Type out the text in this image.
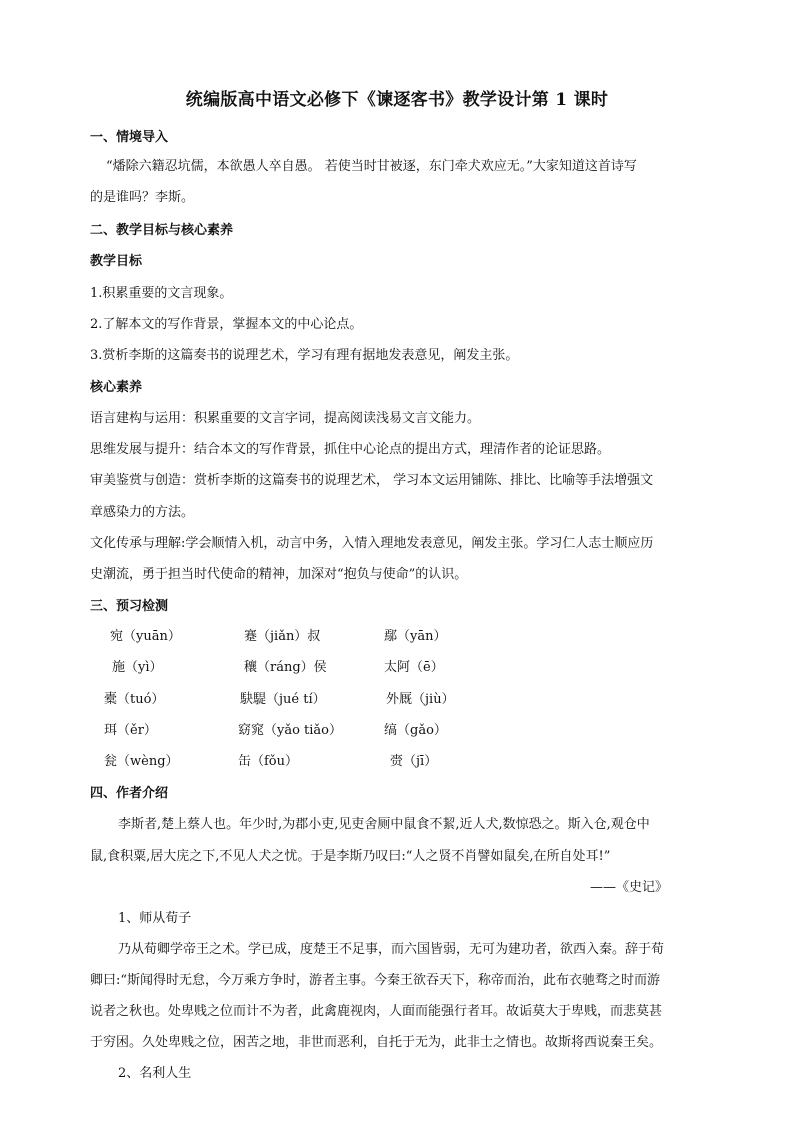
统编版高中语文必修下《谏逐客书》教学设计第 1 课时
一、情境导入
“燔除六籍忍坑儒，本欲愚人卒自愚。 若使当时甘被逐，东门牵犬欢应无。”大家知道这首诗写
的是谁吗？李斯。
二、教学目标与核心素养
教学目标
1.积累重要的文言现象。
2.了解本文的写作背景，掌握本文的中心论点。
3.赏析李斯的这篇奏书的说理艺术，学习有理有据地发表意见，阐发主张。
核心素养
语言建构与运用：积累重要的文言字词，提高阅读浅易文言文能力。
思维发展与提升：结合本文的写作背景，抓住中心论点的提出方式，理清作者的论证思路。
审美鉴赏与创造：赏析李斯的这篇奏书的说理艺术， 学习本文运用铺陈、排比、比喻等手法增强文
章感染力的方法。
文化传承与理解:学会顺情入机，动言中务，入情入理地发表意见，阐发主张。学习仁人志士顺应历
史潮流，勇于担当时代使命的精神，加深对“抱负与使命”的认识。
三、预习检测
宛（yuān）	蹇（jiǎn）叔	鄢（yān）
施（yì）	穰（ráng）侯	太阿（ē）
橐（tuó）	駃騠（jué tí）	外厩（jiù）
珥（ěr）	窈窕（yǎo tiǎo）	缟（gǎo）
瓮（wèng）	缶（fǒu）	赍（jī）
四、作者介绍
李斯者,楚上蔡人也。年少时,为郡小吏,见吏舍厕中鼠食不絜,近人犬,数惊恐之。斯入仓,观仓中
鼠,食积粟,居大庑之下,不见人犬之忧。于是李斯乃叹曰:“人之贤不肖譬如鼠矣,在所自处耳!”
——《史记》
1、师从荀子
乃从荀卿学帝王之术。学已成，度楚王不足事，而六国皆弱，无可为建功者，欲西入秦。辞于荀
卿曰:“斯闻得时无怠，今万乘方争时，游者主事。今秦王欲吞天下，称帝而治，此布衣驰骛之时而游
说者之秋也。处卑贱之位而计不为者，此禽鹿视肉，人面而能强行者耳。故诟莫大于卑贱，而悲莫甚
于穷困。久处卑贱之位，困苦之地，非世而恶利，自托于无为，此非士之情也。故斯将西说秦王矣。
2、名利人生
